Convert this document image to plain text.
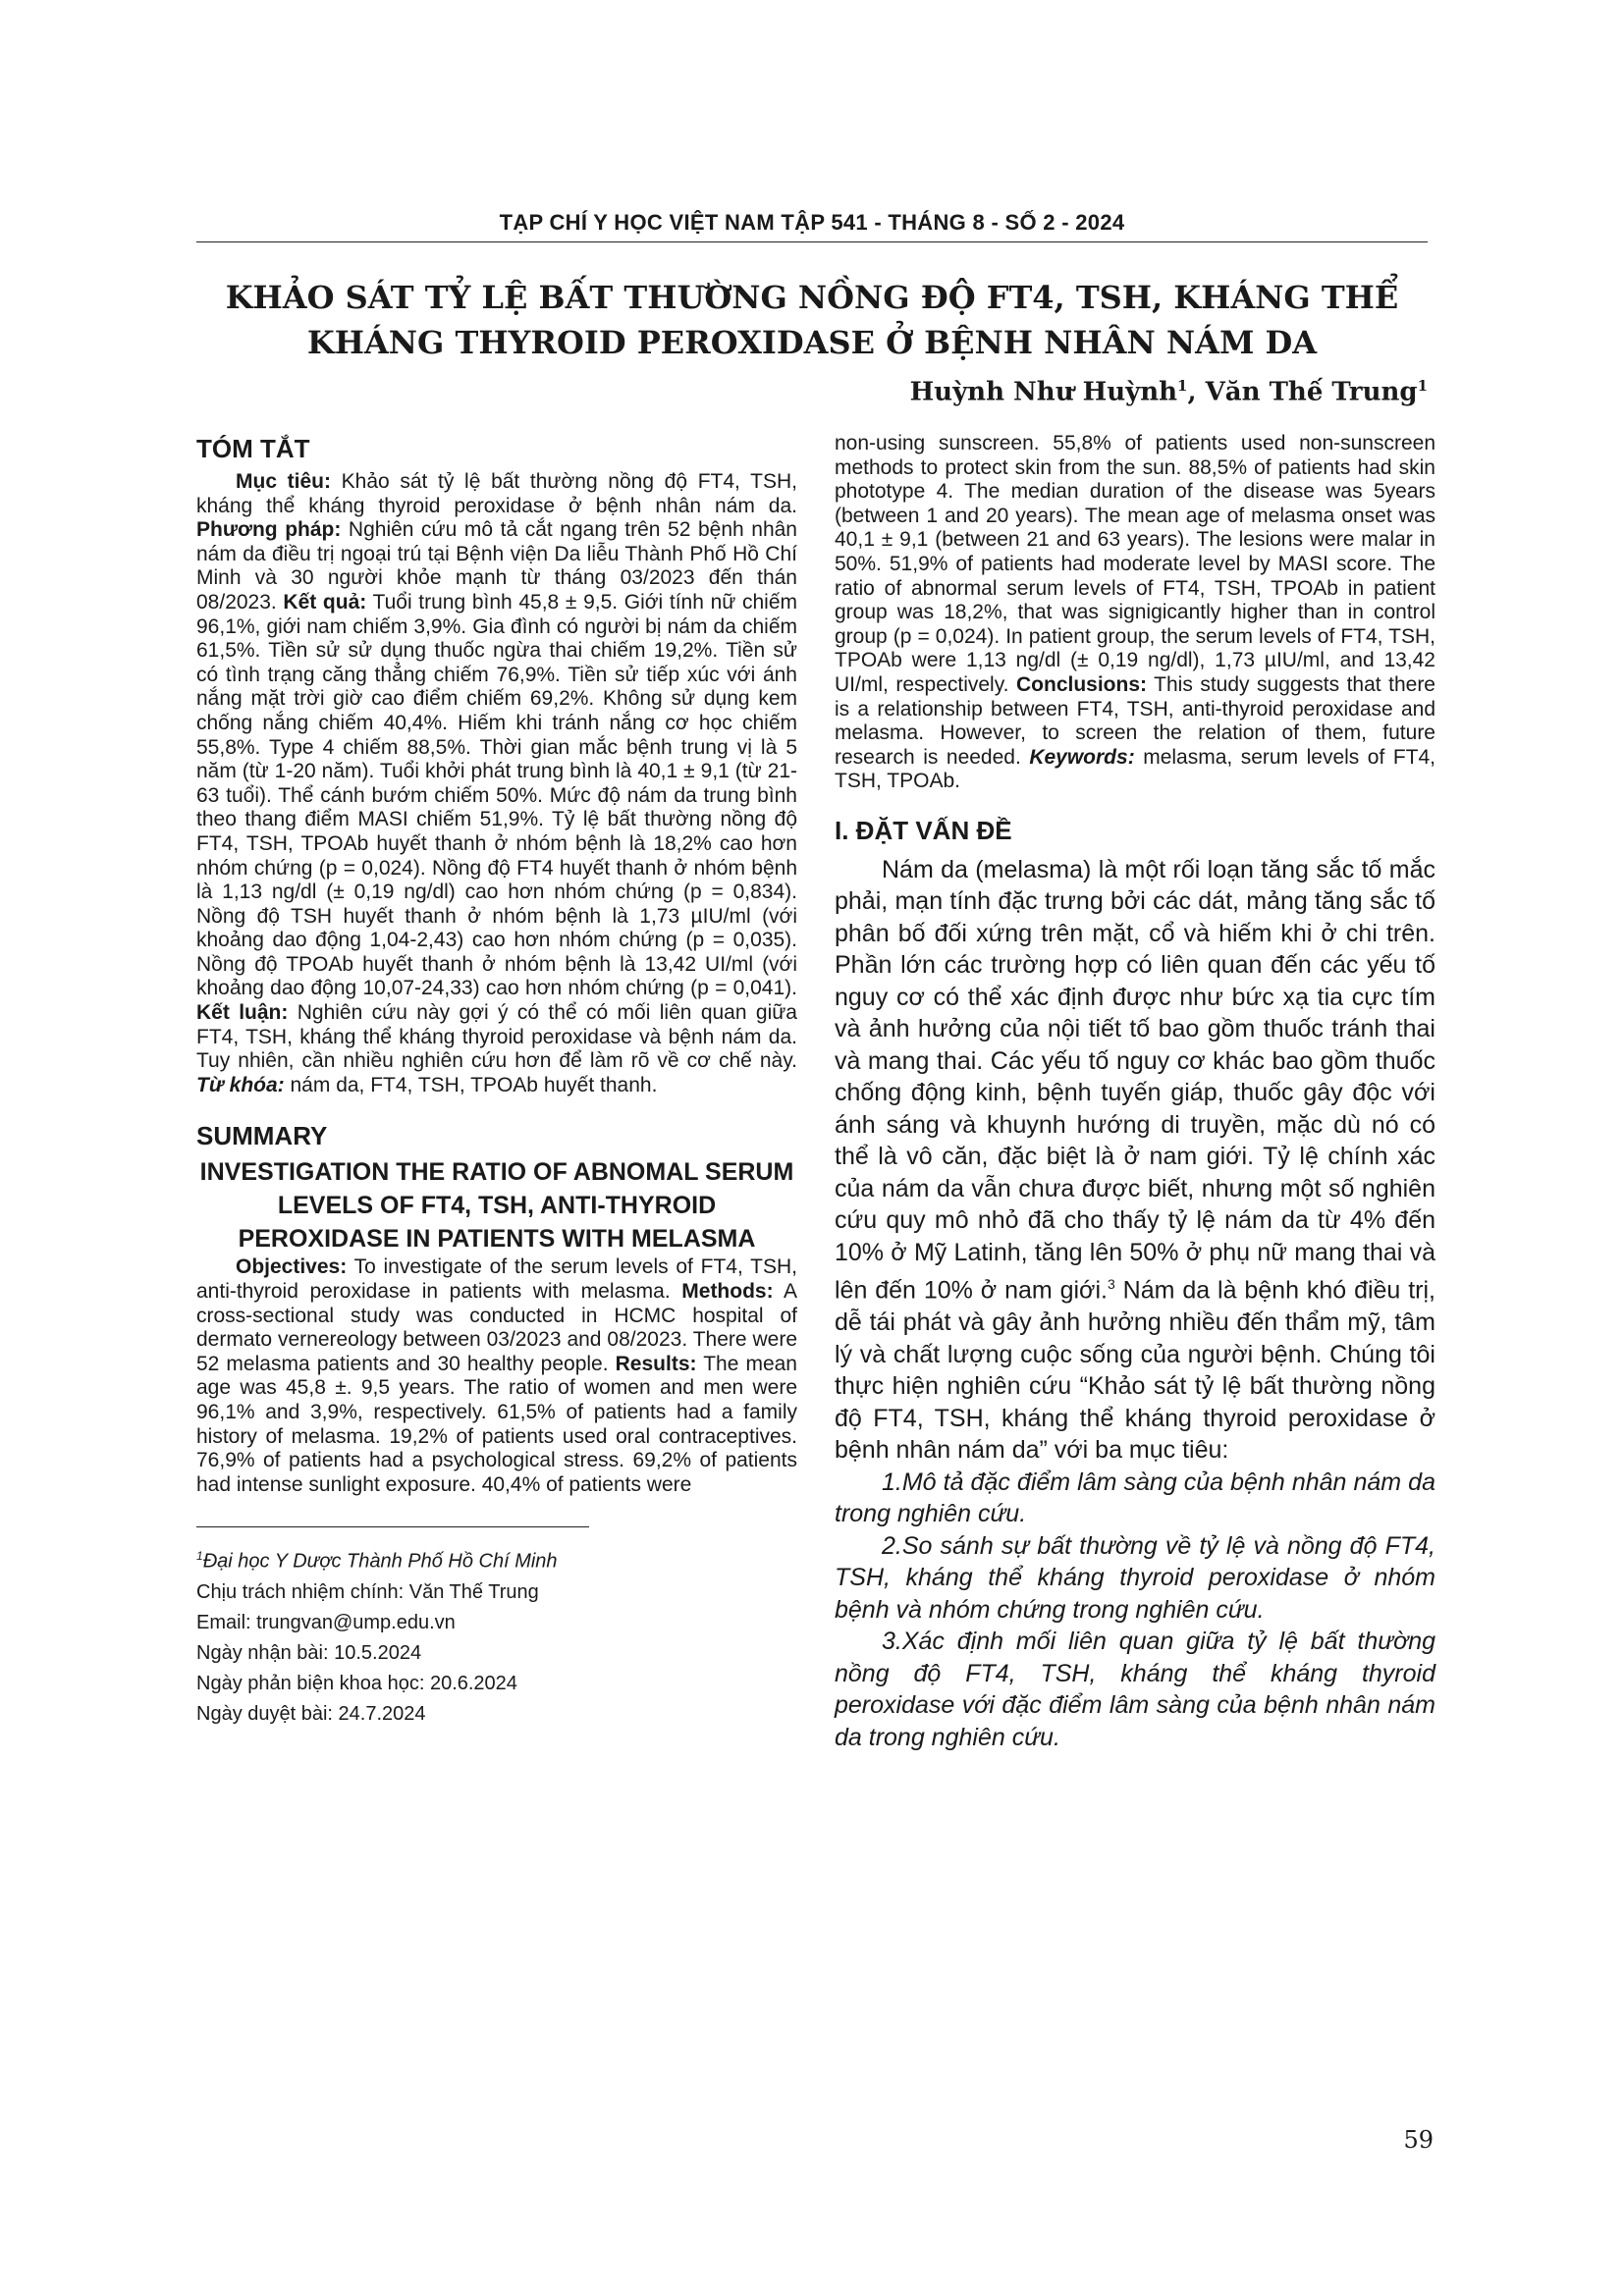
TẠP CHÍ Y HỌC VIỆT NAM TẬP 541 - THÁNG 8 - SỐ 2 - 2024
KHẢO SÁT TỶ LỆ BẤT THƯỜNG NỒNG ĐỘ FT4, TSH, KHÁNG THỂ
KHÁNG THYROID PEROXIDASE Ở BỆNH NHÂN NÁM DA
Huỳnh Như Huỳnh$^1$, Văn Thế Trung$^1$
TÓM TẮT

Mục tiêu: Khảo sát tỷ lệ bất thường nồng độ FT4, TSH, kháng thể kháng thyroid peroxidase ở bệnh nhân nám da. Phương pháp: Nghiên cứu mô tả cắt ngang trên 52 bệnh nhân nám da điều trị ngoại trú tại Bệnh viện Da liễu Thành Phố Hồ Chí Minh và 30 người khỏe mạnh từ tháng 03/2023 đến thán 08/2023. Kết quả: Tuổi trung bình 45,8 ± 9,5. Giới tính nữ chiếm 96,1%, giới nam chiếm 3,9%. Gia đình có người bị nám da chiếm 61,5%. Tiền sử sử dụng thuốc ngừa thai chiếm 19,2%. Tiền sử có tình trạng căng thẳng chiếm 76,9%. Tiền sử tiếp xúc với ánh nắng mặt trời giờ cao điểm chiếm 69,2%. Không sử dụng kem chống nắng chiếm 40,4%. Hiếm khi tránh nắng cơ học chiếm 55,8%. Type 4 chiếm 88,5%. Thời gian mắc bệnh trung vị là 5 năm (từ 1-20 năm). Tuổi khởi phát trung bình là 40,1 ± 9,1 (từ 21-63 tuổi). Thể cánh bướm chiếm 50%. Mức độ nám da trung bình theo thang điểm MASI chiếm 51,9%. Tỷ lệ bất thường nồng độ FT4, TSH, TPOAb huyết thanh ở nhóm bệnh là 18,2% cao hơn nhóm chứng (p = 0,024). Nồng độ FT4 huyết thanh ở nhóm bệnh là 1,13 ng/dl (± 0,19 ng/dl) cao hơn nhóm chứng (p = 0,834). Nồng độ TSH huyết thanh ở nhóm bệnh là 1,73 µIU/ml (với khoảng dao động 1,04-2,43) cao hơn nhóm chứng (p = 0,035). Nồng độ TPOAb huyết thanh ở nhóm bệnh là 13,42 UI/ml (với khoảng dao động 10,07-24,33) cao hơn nhóm chứng (p = 0,041). Kết luận: Nghiên cứu này gợi ý có thể có mối liên quan giữa FT4, TSH, kháng thể kháng thyroid peroxidase và bệnh nám da. Tuy nhiên, cần nhiều nghiên cứu hơn để làm rõ về cơ chế này. Từ khóa: nám da, FT4, TSH, TPOAb huyết thanh.

SUMMARY

INVESTIGATION THE RATIO OF ABNOMAL SERUM LEVELS OF FT4, TSH, ANTI-THYROID PEROXIDASE IN PATIENTS WITH MELASMA

Objectives: To investigate of the serum levels of FT4, TSH, anti-thyroid peroxidase in patients with melasma. Methods: A cross-sectional study was conducted in HCMC hospital of dermato vernereology between 03/2023 and 08/2023. There were 52 melasma patients and 30 healthy people. Results: The mean age was 45,8 ±. 9,5 years. The ratio of women and men were 96,1% and 3,9%, respectively. 61,5% of patients had a family history of melasma. 19,2% of patients used oral contraceptives. 76,9% of patients had a psychological stress. 69,2% of patients had intense sunlight exposure. 40,4% of patients were

$^1$Đại học Y Dược Thành Phố Hồ Chí Minh

Chịu trách nhiệm chính: Văn Thế Trung

Email: trungvan@ump.edu.vn

Ngày nhận bài: 10.5.2024

Ngày phản biện khoa học: 20.6.2024

Ngày duyệt bài: 24.7.2024

non-using sunscreen. 55,8% of patients used non-sunscreen methods to protect skin from the sun. 88,5% of patients had skin phototype 4. The median duration of the disease was 5years (between 1 and 20 years). The mean age of melasma onset was 40,1 ± 9,1 (between 21 and 63 years). The lesions were malar in 50%. 51,9% of patients had moderate level by MASI score. The ratio of abnormal serum levels of FT4, TSH, TPOAb in patient group was 18,2%, that was signigicantly higher than in control group (p = 0,024). In patient group, the serum levels of FT4, TSH, TPOAb were 1,13 ng/dl (± 0,19 ng/dl), 1,73 µIU/ml, and 13,42 UI/ml, respectively. Conclusions: This study suggests that there is a relationship between FT4, TSH, anti-thyroid peroxidase and melasma. However, to screen the relation of them, future research is needed. Keywords: melasma, serum levels of FT4, TSH, TPOAb.

I. ĐẶT VẤN ĐỀ

Nám da (melasma) là một rối loạn tăng sắc tố mắc phải, mạn tính đặc trưng bởi các dát, mảng tăng sắc tố phân bố đối xứng trên mặt, cổ và hiếm khi ở chi trên. Phần lớn các trường hợp có liên quan đến các yếu tố nguy cơ có thể xác định được như bức xạ tia cực tím và ảnh hưởng của nội tiết tố bao gồm thuốc tránh thai và mang thai. Các yếu tố nguy cơ khác bao gồm thuốc chống động kinh, bệnh tuyến giáp, thuốc gây độc với ánh sáng và khuynh hướng di truyền, mặc dù nó có thể là vô căn, đặc biệt là ở nam giới. Tỷ lệ chính xác của nám da vẫn chưa được biết, nhưng một số nghiên cứu quy mô nhỏ đã cho thấy tỷ lệ nám da từ 4% đến 10% ở Mỹ Latinh, tăng lên 50% ở phụ nữ mang thai và lên đến 10% ở nam giới.$^3$ Nám da là bệnh khó điều trị, dễ tái phát và gây ảnh hưởng nhiều đến thẩm mỹ, tâm lý và chất lượng cuộc sống của người bệnh. Chúng tôi thực hiện nghiên cứu “Khảo sát tỷ lệ bất thường nồng độ FT4, TSH, kháng thể kháng thyroid peroxidase ở bệnh nhân nám da” với ba mục tiêu:

1.Mô tả đặc điểm lâm sàng của bệnh nhân nám da trong nghiên cứu.

2.So sánh sự bất thường về tỷ lệ và nồng độ FT4, TSH, kháng thể kháng thyroid peroxidase ở nhóm bệnh và nhóm chứng trong nghiên cứu.

3.Xác định mối liên quan giữa tỷ lệ bất thường nồng độ FT4, TSH, kháng thể kháng thyroid peroxidase với đặc điểm lâm sàng của bệnh nhân nám da trong nghiên cứu.

59
